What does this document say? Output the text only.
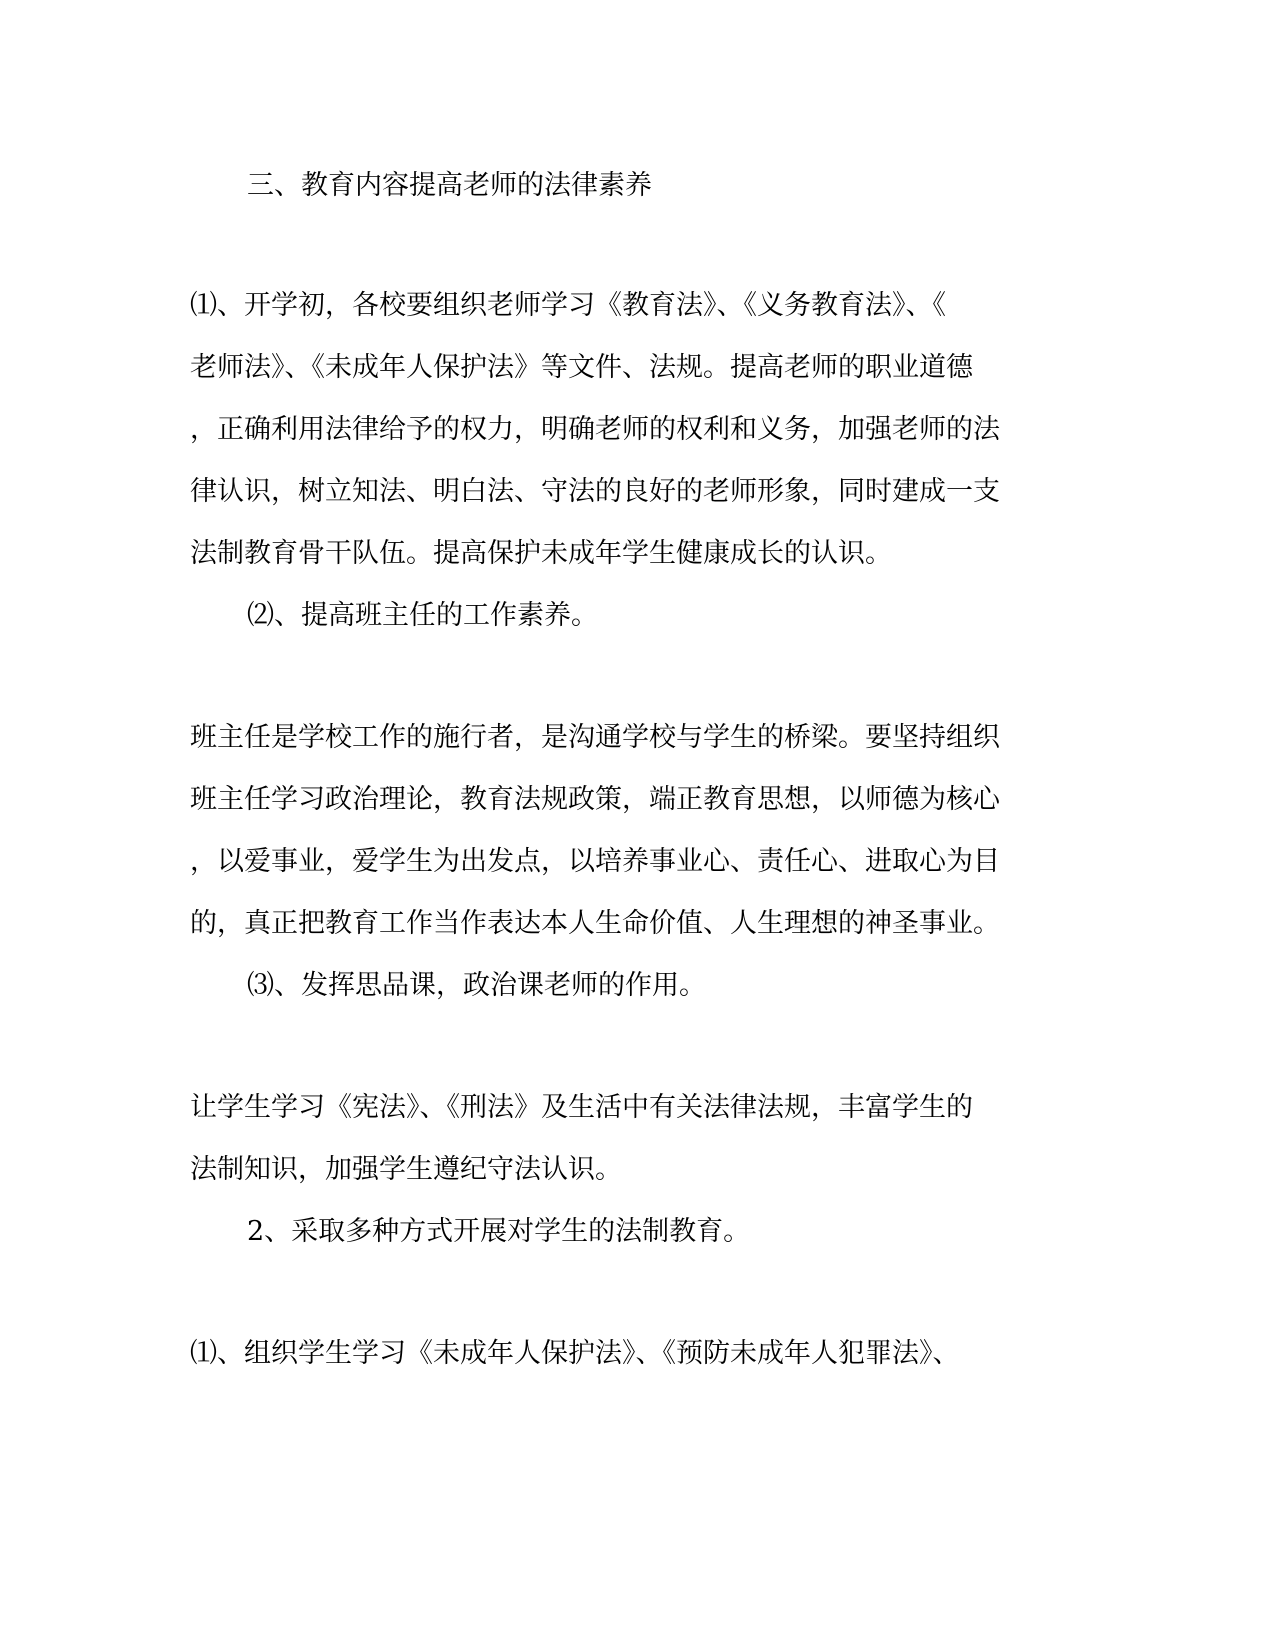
三、教育内容提高老师的法律素养
⑴、开学初，各校要组织老师学习《教育法》、《义务教育法》、《
老师法》、《未成年人保护法》等文件、法规。提高老师的职业道德
，正确利用法律给予的权力，明确老师的权利和义务，加强老师的法
律认识，树立知法、明白法、守法的良好的老师形象，同时建成一支
法制教育骨干队伍。提高保护未成年学生健康成长的认识。
⑵、提高班主任的工作素养。
班主任是学校工作的施行者，是沟通学校与学生的桥梁。要坚持组织
班主任学习政治理论，教育法规政策，端正教育思想，以师德为核心
，以爱事业，爱学生为出发点，以培养事业心、责任心、进取心为目
的，真正把教育工作当作表达本人生命价值、人生理想的神圣事业。
⑶、发挥思品课，政治课老师的作用。
让学生学习《宪法》、《刑法》及生活中有关法律法规，丰富学生的
法制知识，加强学生遵纪守法认识。
2、采取多种方式开展对学生的法制教育。
⑴、组织学生学习《未成年人保护法》、《预防未成年人犯罪法》、
